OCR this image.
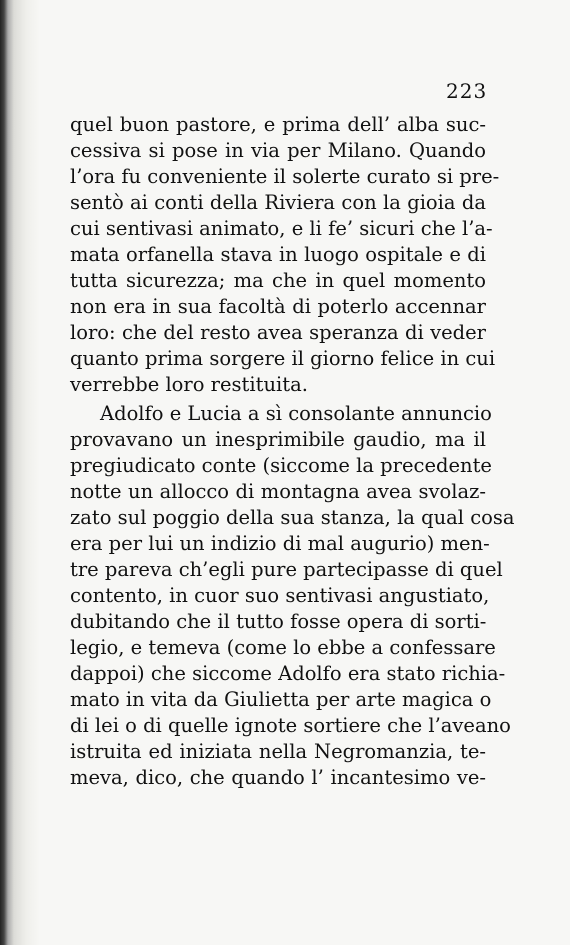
223
quel buon pastore, e prima dell’ alba suc-
cessiva si pose in via per Milano. Quando
l’ora fu conveniente il solerte curato si pre-
sentò ai conti della Riviera con la gioia da
cui sentivasi animato, e li fe’ sicuri che l’a-
mata orfanella stava in luogo ospitale e di
tutta sicurezza; ma che in quel momento
non era in sua facoltà di poterlo accennar
loro: che del resto avea speranza di veder
quanto prima sorgere il giorno felice in cui
verrebbe loro restituita.
Adolfo e Lucia a sì consolante annuncio
provavano un inesprimibile gaudio, ma il
pregiudicato conte (siccome la precedente
notte un allocco di montagna avea svolaz-
zato sul poggio della sua stanza, la qual cosa
era per lui un indizio di mal augurio) men-
tre pareva ch’egli pure partecipasse di quel
contento, in cuor suo sentivasi angustiato,
dubitando che il tutto fosse opera di sorti-
legio, e temeva (come lo ebbe a confessare
dappoi) che siccome Adolfo era stato richia-
mato in vita da Giulietta per arte magica o
di lei o di quelle ignote sortiere che l’aveano
istruita ed iniziata nella Negromanzia, te-
meva, dico, che quando l’ incantesimo ve-
